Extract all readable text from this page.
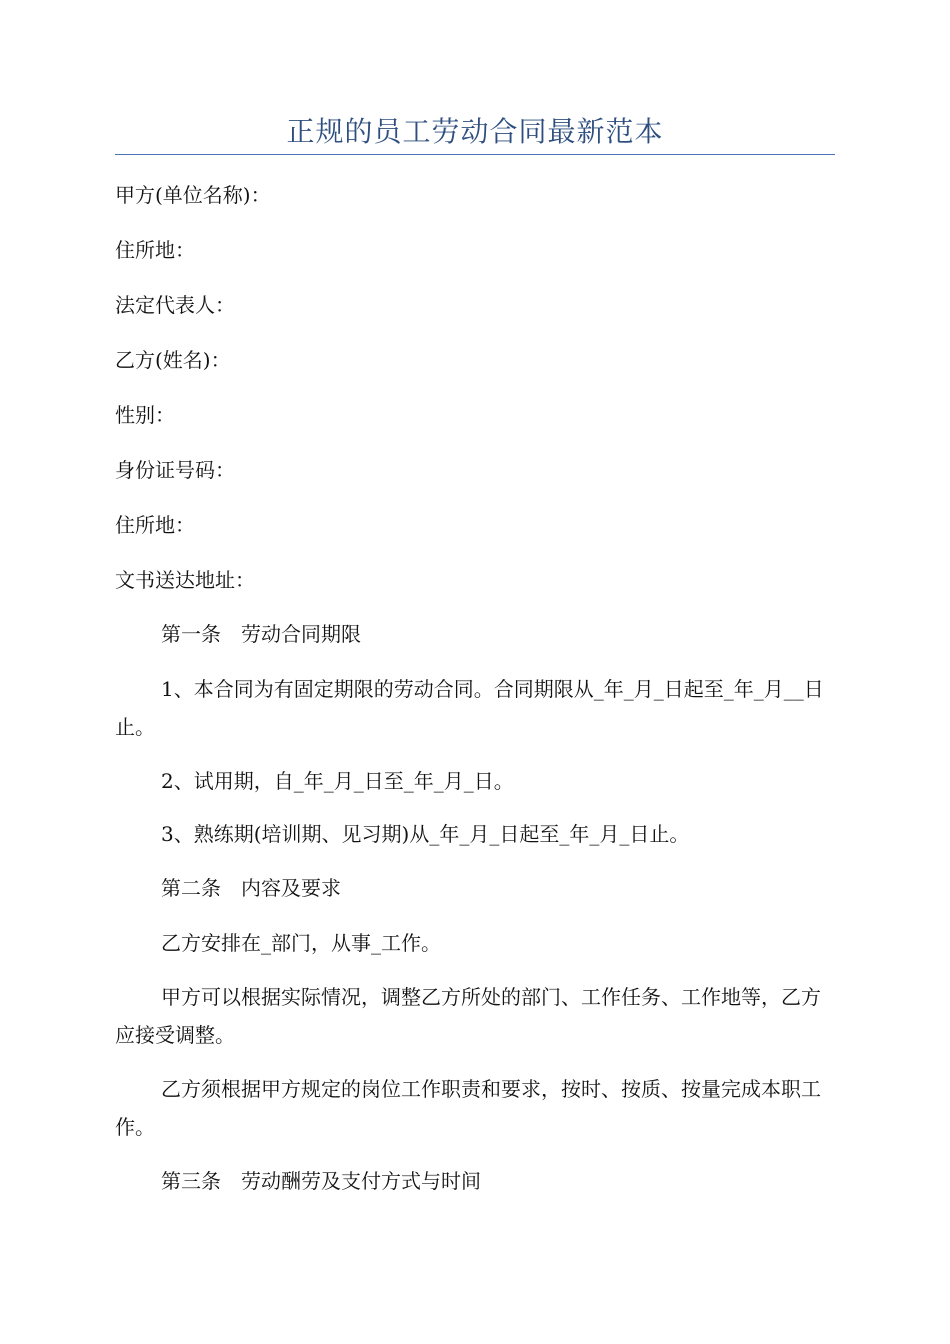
正规的员工劳动合同最新范本

甲方(单位名称)：

住所地：

法定代表人：

乙方(姓名)：

性别：

身份证号码：

住所地：

文书送达地址：

第一条　劳动合同期限

1、本合同为有固定期限的劳动合同。合同期限从_年_月_日起至_年_月__日止。

2、试用期，自_年_月_日至_年_月_日。

3、熟练期(培训期、见习期)从_年_月_日起至_年_月_日止。

第二条　内容及要求

乙方安排在_部门，从事_工作。

甲方可以根据实际情况，调整乙方所处的部门、工作任务、工作地等，乙方应接受调整。

乙方须根据甲方规定的岗位工作职责和要求，按时、按质、按量完成本职工作。

第三条　劳动酬劳及支付方式与时间
